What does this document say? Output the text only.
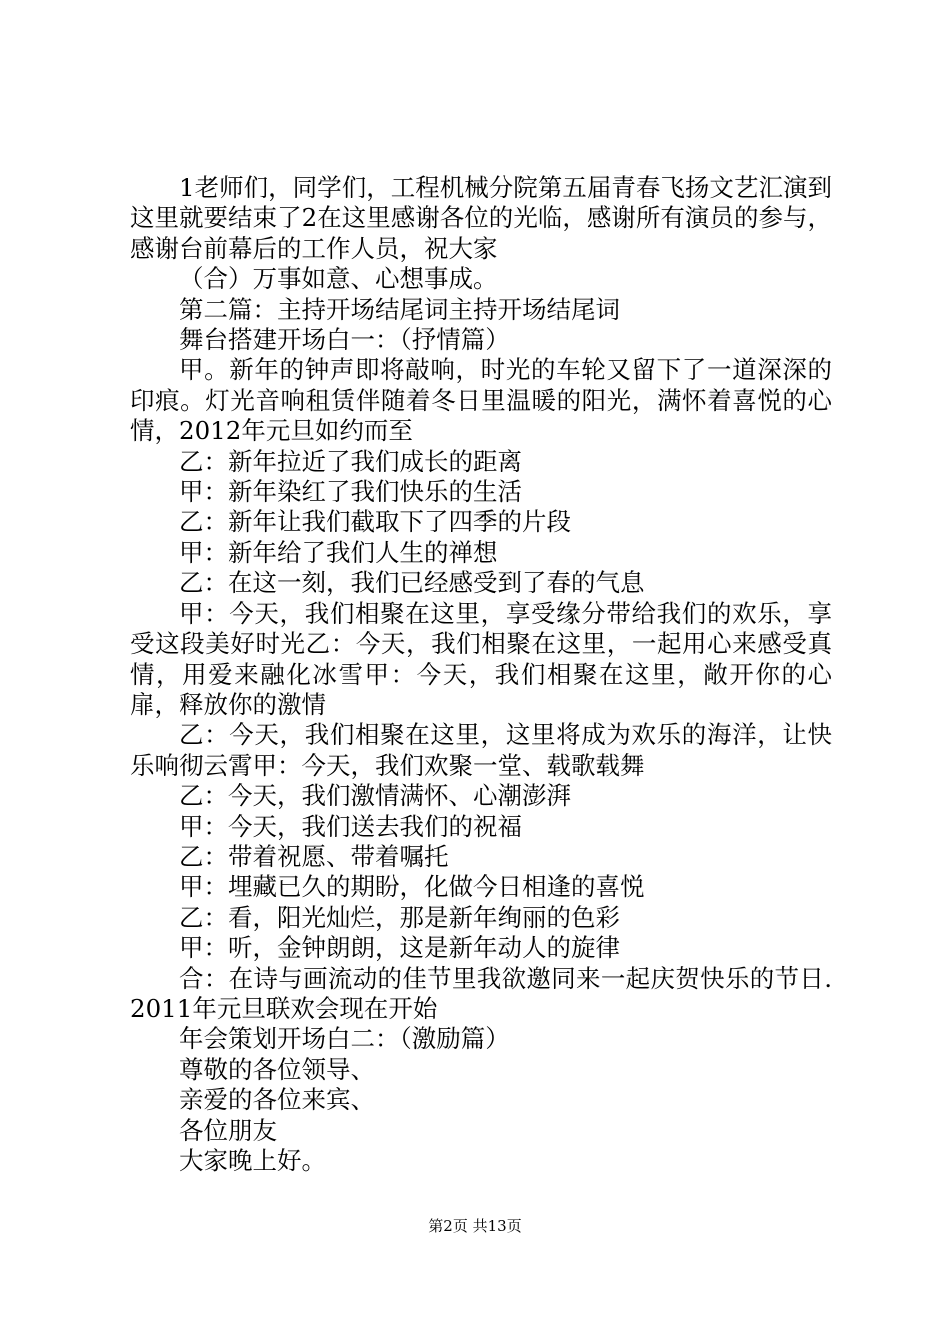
1老师们，同学们，工程机械分院第五届青春飞扬文艺汇演到这里就要结束了2在这里感谢各位的光临，感谢所有演员的参与，感谢台前幕后的工作人员，祝大家

（合）万事如意、心想事成。

第二篇：主持开场结尾词主持开场结尾词

舞台搭建开场白一：（抒情篇）

甲。新年的钟声即将敲响，时光的车轮又留下了一道深深的印痕。灯光音响租赁伴随着冬日里温暖的阳光，满怀着喜悦的心情，2012年元旦如约而至

乙：新年拉近了我们成长的距离

甲：新年染红了我们快乐的生活

乙：新年让我们截取下了四季的片段

甲：新年给了我们人生的禅想

乙：在这一刻，我们已经感受到了春的气息

甲：今天，我们相聚在这里，享受缘分带给我们的欢乐，享受这段美好时光乙：今天，我们相聚在这里，一起用心来感受真情，用爱来融化冰雪甲：今天，我们相聚在这里，敞开你的心扉，释放你的激情

乙：今天，我们相聚在这里，这里将成为欢乐的海洋，让快乐响彻云霄甲：今天，我们欢聚一堂、载歌载舞

乙：今天，我们激情满怀、心潮澎湃

甲：今天，我们送去我们的祝福

乙：带着祝愿、带着嘱托

甲：埋藏已久的期盼，化做今日相逢的喜悦

乙：看，阳光灿烂，那是新年绚丽的色彩

甲：听，金钟朗朗，这是新年动人的旋律

合：在诗与画流动的佳节里我欲邀同来一起庆贺快乐的节日.2011年元旦联欢会现在开始

年会策划开场白二：（激励篇）

尊敬的各位领导、

亲爱的各位来宾、

各位朋友

大家晚上好。

第2页 共13页
